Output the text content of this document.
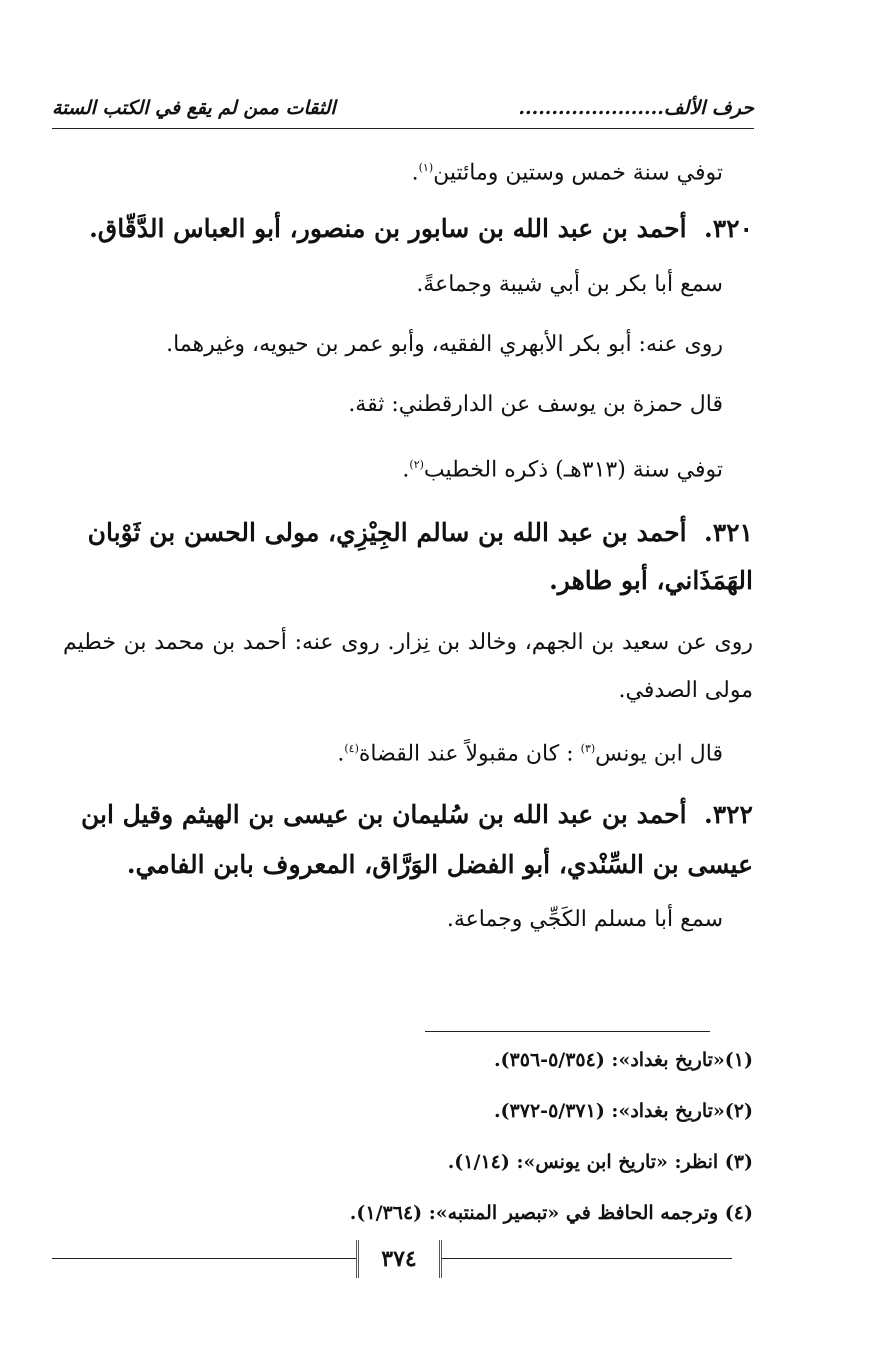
حرف الألف......................
الثقات ممن لم يقع في الكتب الستة

توفي سنة خمس وستين ومائتين$^{(١)}$.

٣٢٠.  أحمد بن عبد الله بن سابور بن منصور، أبو العباس الدَّقّاق.

سمع أبا بكر بن أبي شيبة وجماعةً.

روى عنه: أبو بكر الأبهري الفقيه، وأبو عمر بن حيويه، وغيرهما.

قال حمزة بن يوسف عن الدارقطني: ثقة.

توفي سنة (٣١٣هـ) ذكره الخطيب$^{(٢)}$.

٣٢١.  أحمد بن عبد الله بن سالم الجِيْزِي، مولى الحسن بن ثَوْبان الهَمَذَاني، أبو طاهر.

روى عن سعيد بن الجهم، وخالد بن نِزار. روى عنه: أحمد بن محمد بن خطيم مولى الصدفي.

قال ابن يونس$^{(٣)}$ : كان مقبولاً عند القضاة$^{(٤)}$.

٣٢٢.  أحمد بن عبد الله بن سُليمان بن عيسى بن الهيثم وقيل ابن عيسى بن السِّنْدي، أبو الفضل الوَرَّاق، المعروف بابن الفامي.

سمع أبا مسلم الكَجِّي وجماعة.

(١)«تاريخ بغداد»: (٥/٣٥٤-٣٥٦).

(٢)«تاريخ بغداد»: (٥/٣٧١-٣٧٢).

(٣) انظر: «تاريخ ابن يونس»: (١/١٤).

(٤) وترجمه الحافظ في «تبصير المنتبه»: (١/٣٦٤).

٣٧٤
